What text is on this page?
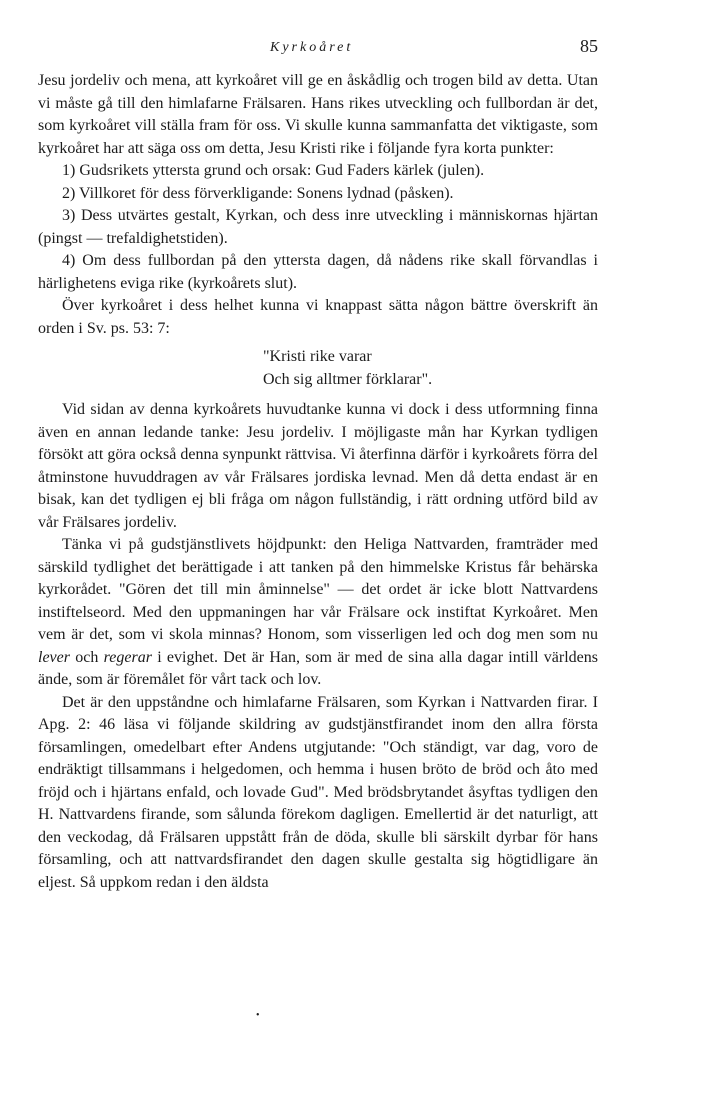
Kyrkoåret	85

Jesu jordeliv och mena, att kyrkoåret vill ge en åskådlig och trogen bild av detta. Utan vi måste gå till den himlafarne Frälsaren. Hans rikes utveckling och fullbordan är det, som kyrkoåret vill ställa fram för oss. Vi skulle kunna sammanfatta det viktigaste, som kyrkoåret har att säga oss om detta, Jesu Kristi rike i följande fyra korta punkter:

1) Gudsrikets yttersta grund och orsak: Gud Faders kärlek (julen).

2) Villkoret för dess förverkligande: Sonens lydnad (påsken).

3) Dess utvärtes gestalt, Kyrkan, och dess inre utveckling i människornas hjärtan (pingst — trefaldighetstiden).

4) Om dess fullbordan på den yttersta dagen, då nådens rike skall förvandlas i härlighetens eviga rike (kyrkoårets slut).

Över kyrkoåret i dess helhet kunna vi knappast sätta någon bättre överskrift än orden i Sv. ps. 53: 7:

"Kristi rike varar
Och sig alltmer förklarar".

Vid sidan av denna kyrkoårets huvudtanke kunna vi dock i dess utformning finna även en annan ledande tanke: Jesu jordeliv. I möjligaste mån har Kyrkan tydligen försökt att göra också denna synpunkt rättvisa. Vi återfinna därför i kyrkoårets förra del åtminstone huvuddragen av vår Frälsares jordiska levnad. Men då detta endast är en bisak, kan det tydligen ej bli fråga om någon fullständig, i rätt ordning utförd bild av vår Frälsares jordeliv.

Tänka vi på gudstjänstlivets höjdpunkt: den Heliga Nattvarden, framträder med särskild tydlighet det berättigade i att tanken på den himmelske Kristus får behärska kyrkorådet. "Gören det till min åminnelse" — det ordet är icke blott Nattvardens instiftelseord. Med den uppmaningen har vår Frälsare ock instiftat Kyrkoåret. Men vem är det, som vi skola minnas? Honom, som visserligen led och dog men som nu lever och regerar i evighet. Det är Han, som är med de sina alla dagar intill världens ände, som är föremålet för vårt tack och lov.

Det är den uppståndne och himlafarne Frälsaren, som Kyrkan i Nattvarden firar. I Apg. 2: 46 läsa vi följande skildring av gudstjänstfirandet inom den allra första församlingen, omedelbart efter Andens utgjutande: "Och ständigt, var dag, voro de endräktigt tillsammans i helgedomen, och hemma i husen bröto de bröd och åto med fröjd och i hjärtans enfald, och lovade Gud". Med brödsbrytandet åsyftas tydligen den H. Nattvardens firande, som sålunda förekom dagligen. Emellertid är det naturligt, att den veckodag, då Frälsaren uppstått från de döda, skulle bli särskilt dyrbar för hans församling, och att nattvardsfirandet den dagen skulle gestalta sig högtidligare än eljest. Så uppkom redan i den äldsta

•
